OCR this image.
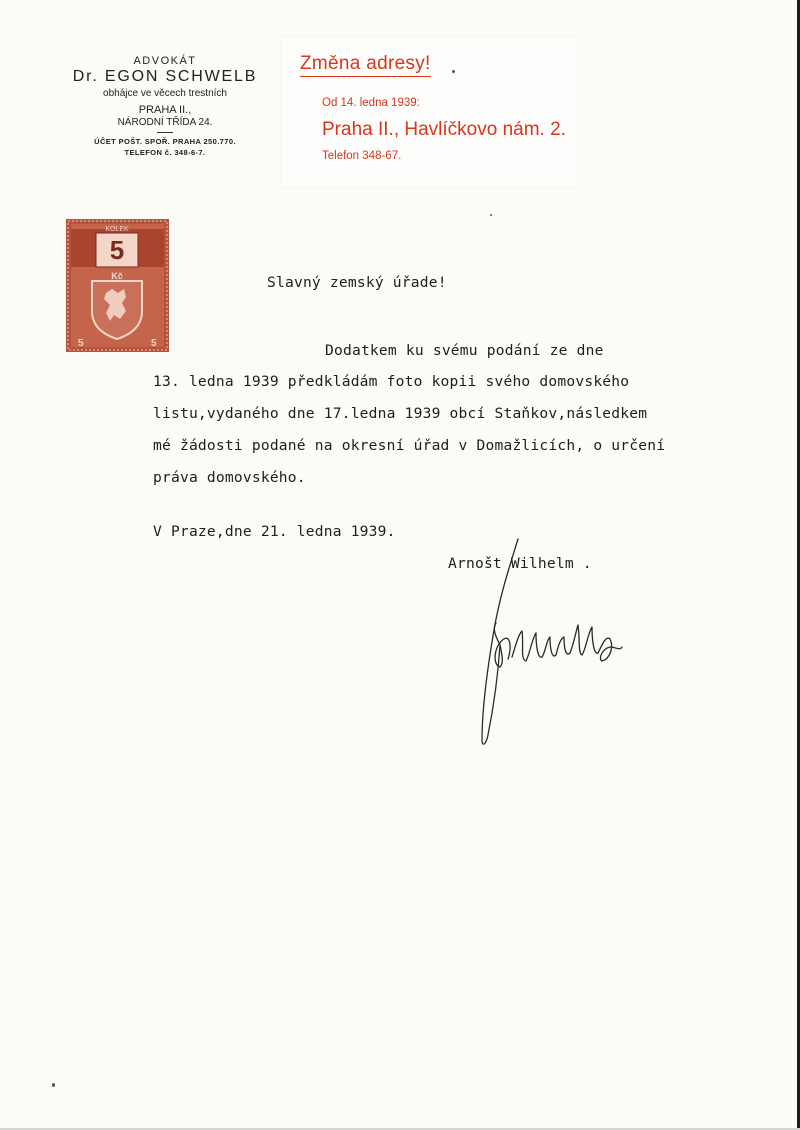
ADVOKÁT
Dr. EGON SCHWELB
obhájce ve věcech trestních
PRAHA II.,
NÁRODNÍ TŘÍDA 24.
ÚČET POŠT. SPOŘ. PRAHA 250.770.
TELEFON č. 348-6-7.
Změna adresy!
Od 14. ledna 1939:
Praha II., Havlíčkovo nám. 2.
Telefon 348-67.
KOLEK
5
Kč
5	5
Slavný zemský úřade!
Dodatkem ku svému podání ze dne
13. ledna 1939 předkládám foto kopii svého domovského
listu,vydaného dne 17.ledna 1939 obcí Staňkov,následkem
mé žádosti podané na okresní úřad v Domažlicích, o určení
práva domovského.
V Praze,dne 21. ledna 1939.
Arnošt Wilhelm .
